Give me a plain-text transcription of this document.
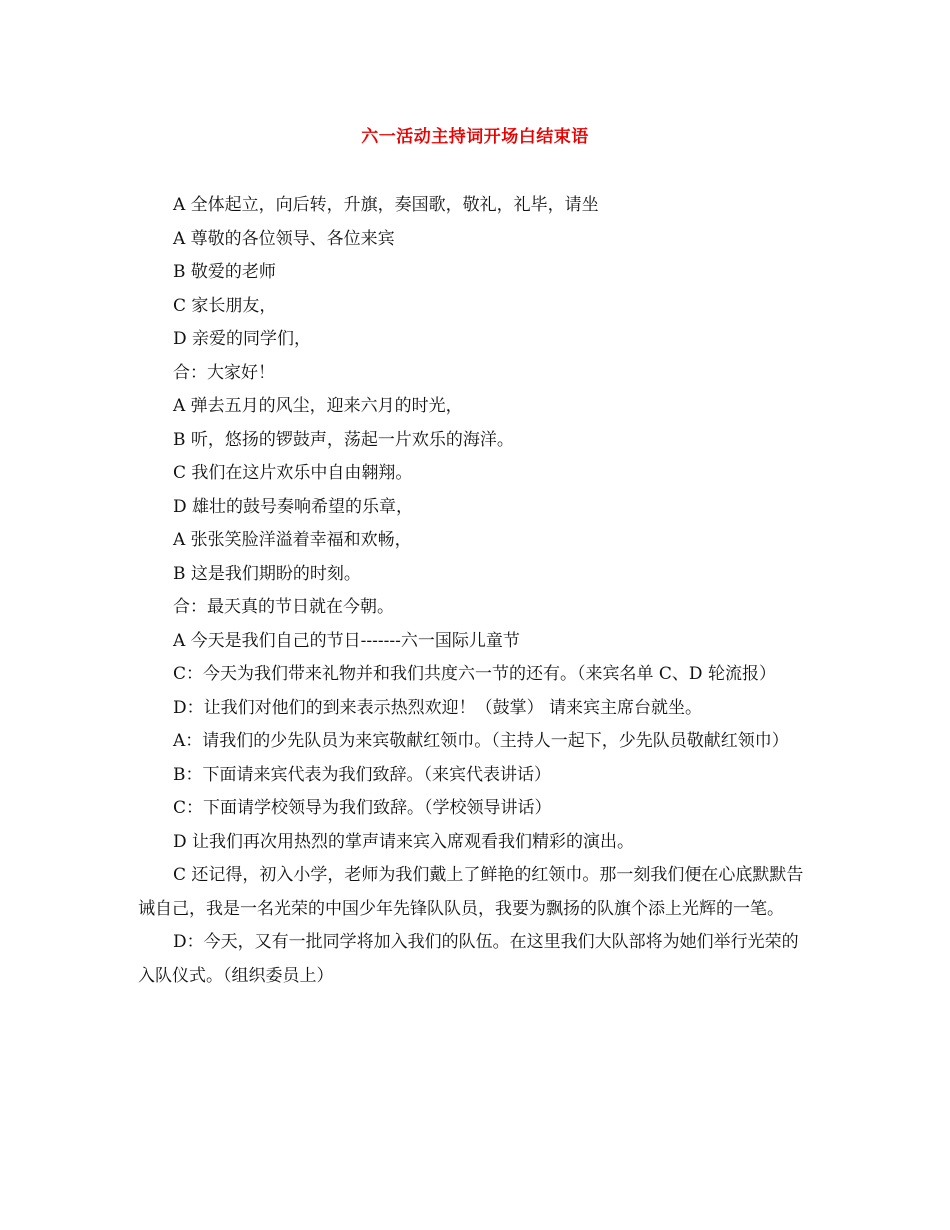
六一活动主持词开场白结束语

A 全体起立，向后转，升旗，奏国歌，敬礼，礼毕，请坐

A 尊敬的各位领导、各位来宾

B 敬爱的老师

C 家长朋友，

D 亲爱的同学们，

合：大家好！

A 弹去五月的风尘，迎来六月的时光，

B 听，悠扬的锣鼓声，荡起一片欢乐的海洋。

C 我们在这片欢乐中自由翱翔。

D 雄壮的鼓号奏响希望的乐章，

A 张张笑脸洋溢着幸福和欢畅，

B 这是我们期盼的时刻。

合：最天真的节日就在今朝。

A 今天是我们自己的节日-------六一国际儿童节

C：今天为我们带来礼物并和我们共度六一节的还有。（来宾名单 C、D 轮流报）

D：让我们对他们的到来表示热烈欢迎！（鼓掌） 请来宾主席台就坐。

A：请我们的少先队员为来宾敬献红领巾。（主持人一起下，少先队员敬献红领巾）

B：下面请来宾代表为我们致辞。（来宾代表讲话）

C：下面请学校领导为我们致辞。（学校领导讲话）

D 让我们再次用热烈的掌声请来宾入席观看我们精彩的演出。

C 还记得，初入小学，老师为我们戴上了鲜艳的红领巾。那一刻我们便在心底默默告诫自己，我是一名光荣的中国少年先锋队队员，我要为飘扬的队旗个添上光辉的一笔。

D：今天，又有一批同学将加入我们的队伍。在这里我们大队部将为她们举行光荣的入队仪式。（组织委员上）
